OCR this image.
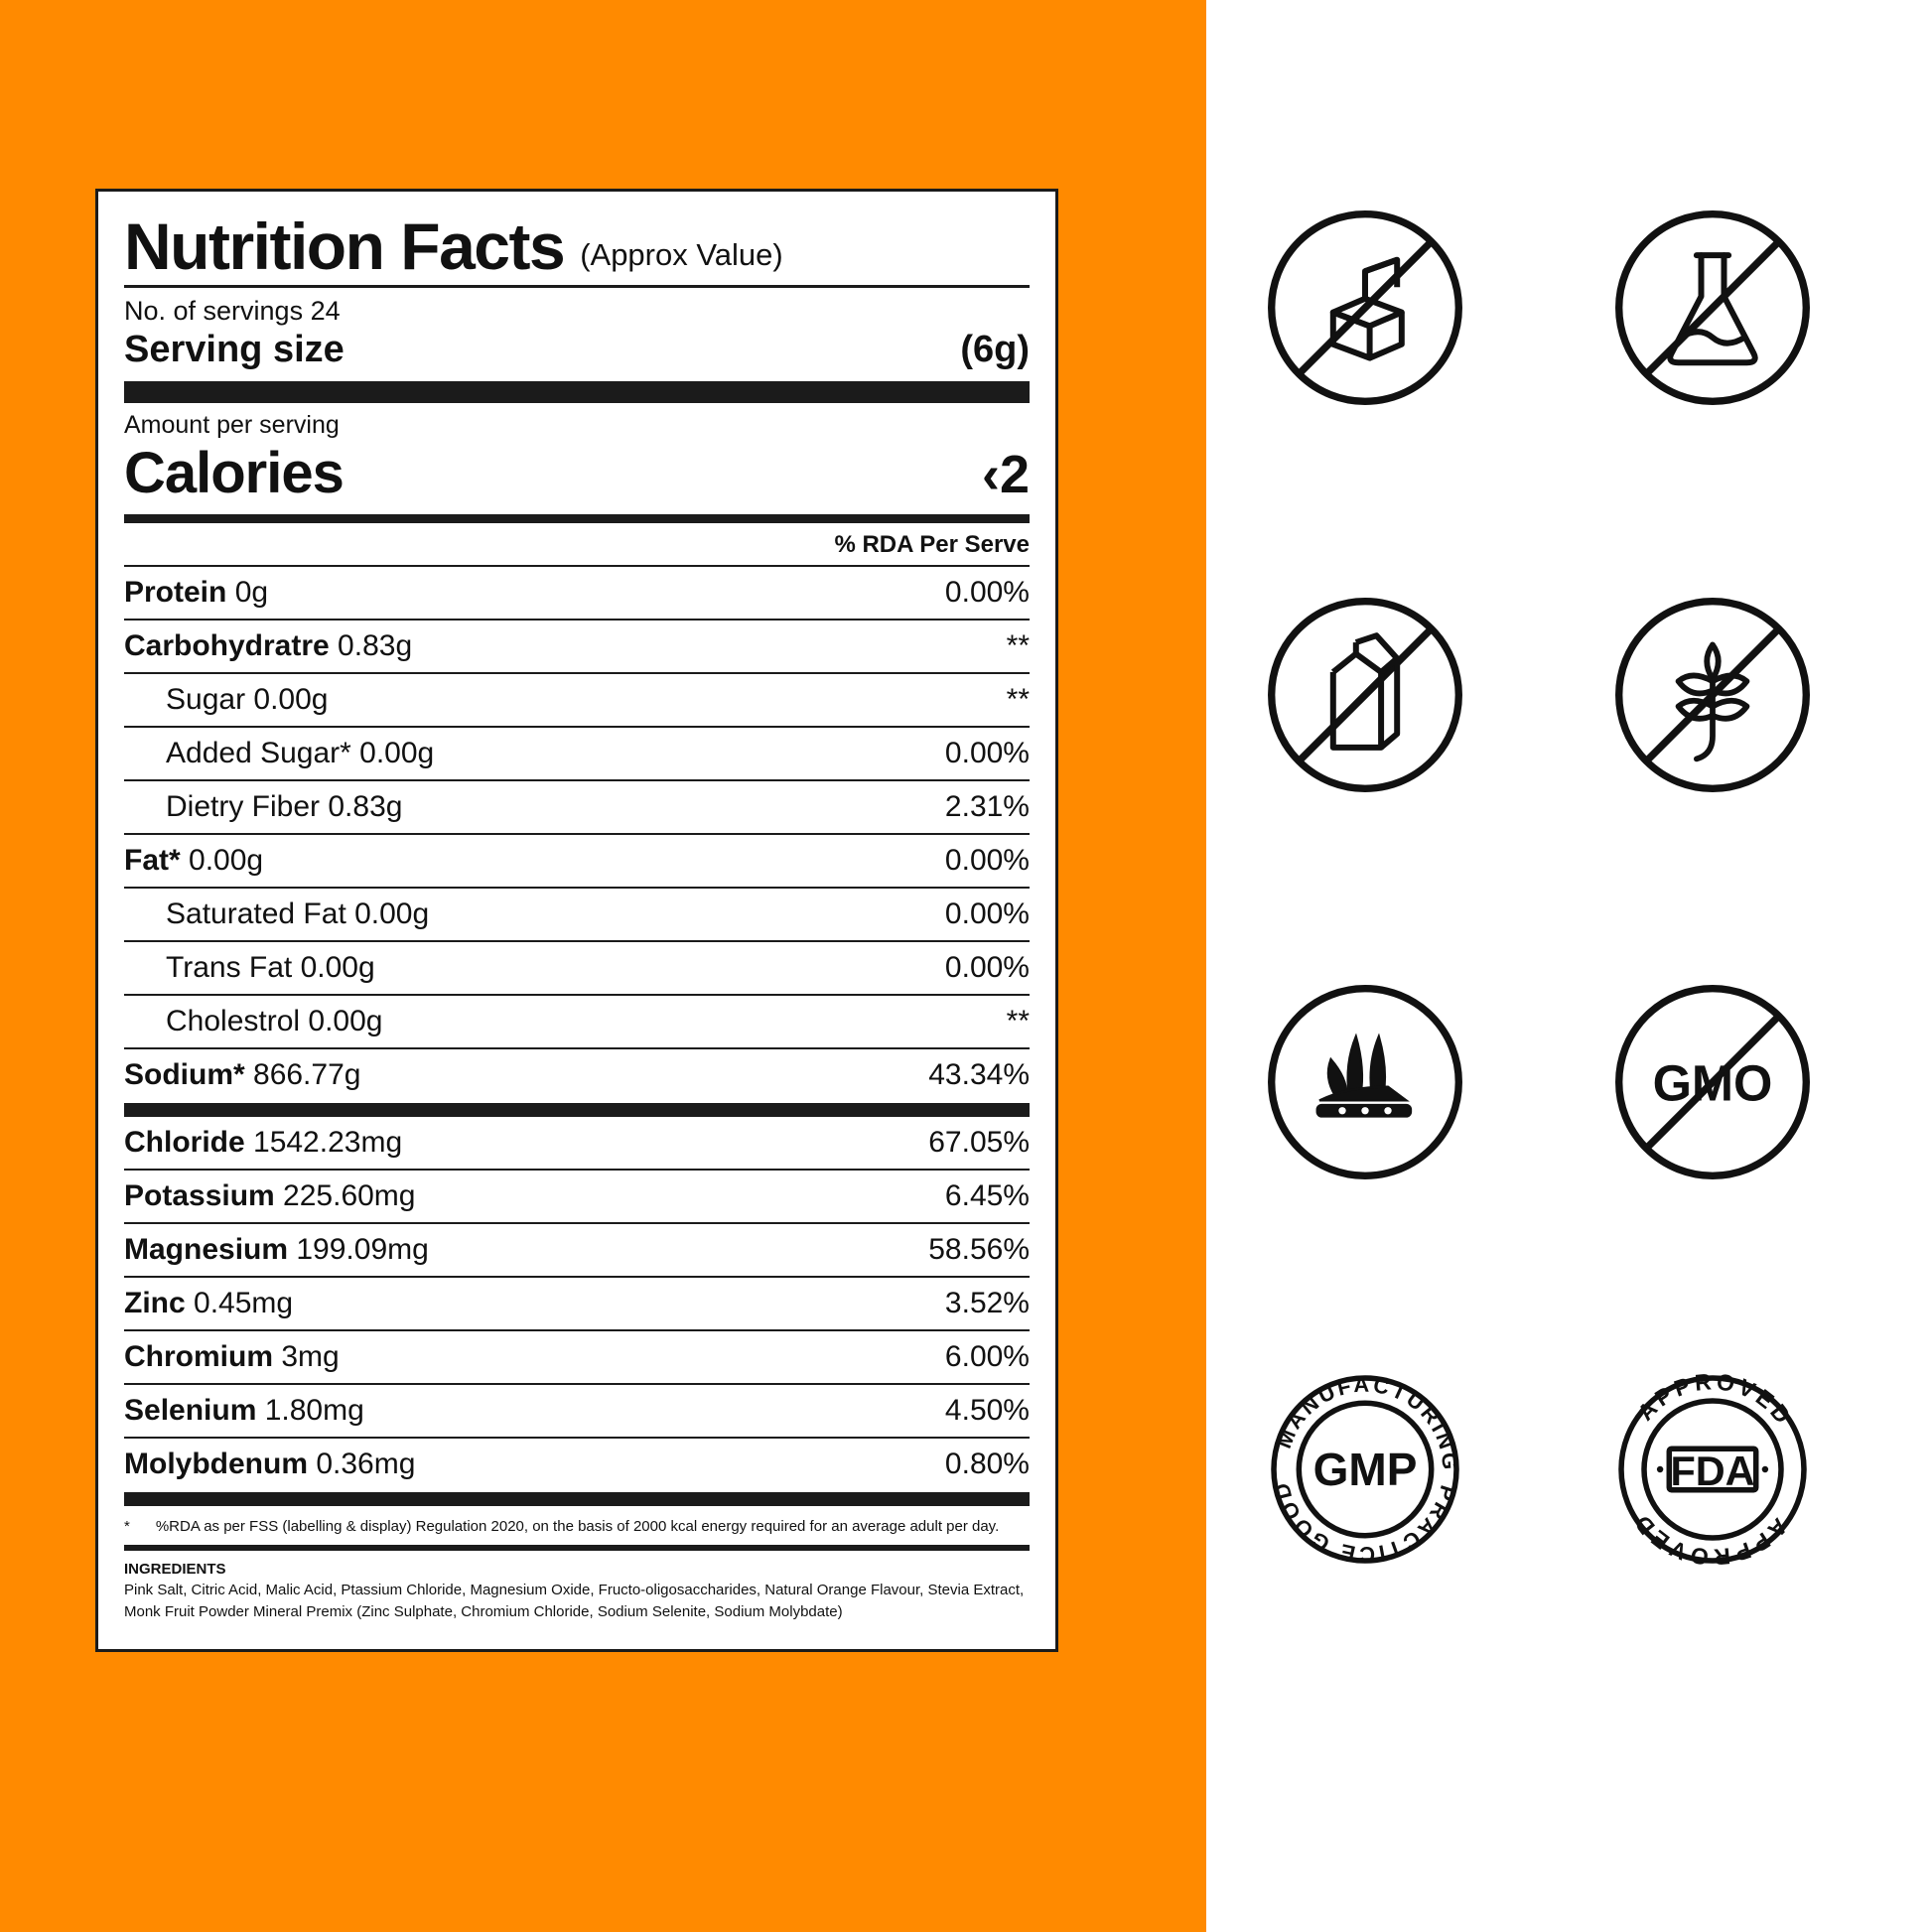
Nutrition Facts (Approx Value)
No. of servings 24
Serving size	(6g)
Amount per serving
Calories	‹2
% RDA Per Serve
Protein 0g	0.00%
Carbohydratre 0.83g	**
Sugar 0.00g	**
Added Sugar* 0.00g	0.00%
Dietry Fiber 0.83g	2.31%
Fat* 0.00g	0.00%
Saturated Fat 0.00g	0.00%
Trans Fat 0.00g	0.00%
Cholestrol 0.00g	**
Sodium* 866.77g	43.34%
Chloride 1542.23mg	67.05%
Potassium 225.60mg	6.45%
Magnesium 199.09mg	58.56%
Zinc 0.45mg	3.52%
Chromium 3mg	6.00%
Selenium 1.80mg	4.50%
Molybdenum 0.36mg	0.80%
* %RDA as per FSS (labelling & display) Regulation 2020, on the basis of 2000 kcal energy required for an average adult per day.
INGREDIENTS
Pink Salt, Citric Acid, Malic Acid, Ptassium Chloride, Magnesium Oxide, Fructo-oligosaccharides, Natural Orange Flavour, Stevia Extract, Monk Fruit Powder Mineral Premix (Zinc Sulphate, Chromium Chloride, Sodium Selenite, Sodium Molybdate)
GMO
MANUFACTURING
PRACTICE GOOD GMP
APPROVED
APPROVED
FDA
